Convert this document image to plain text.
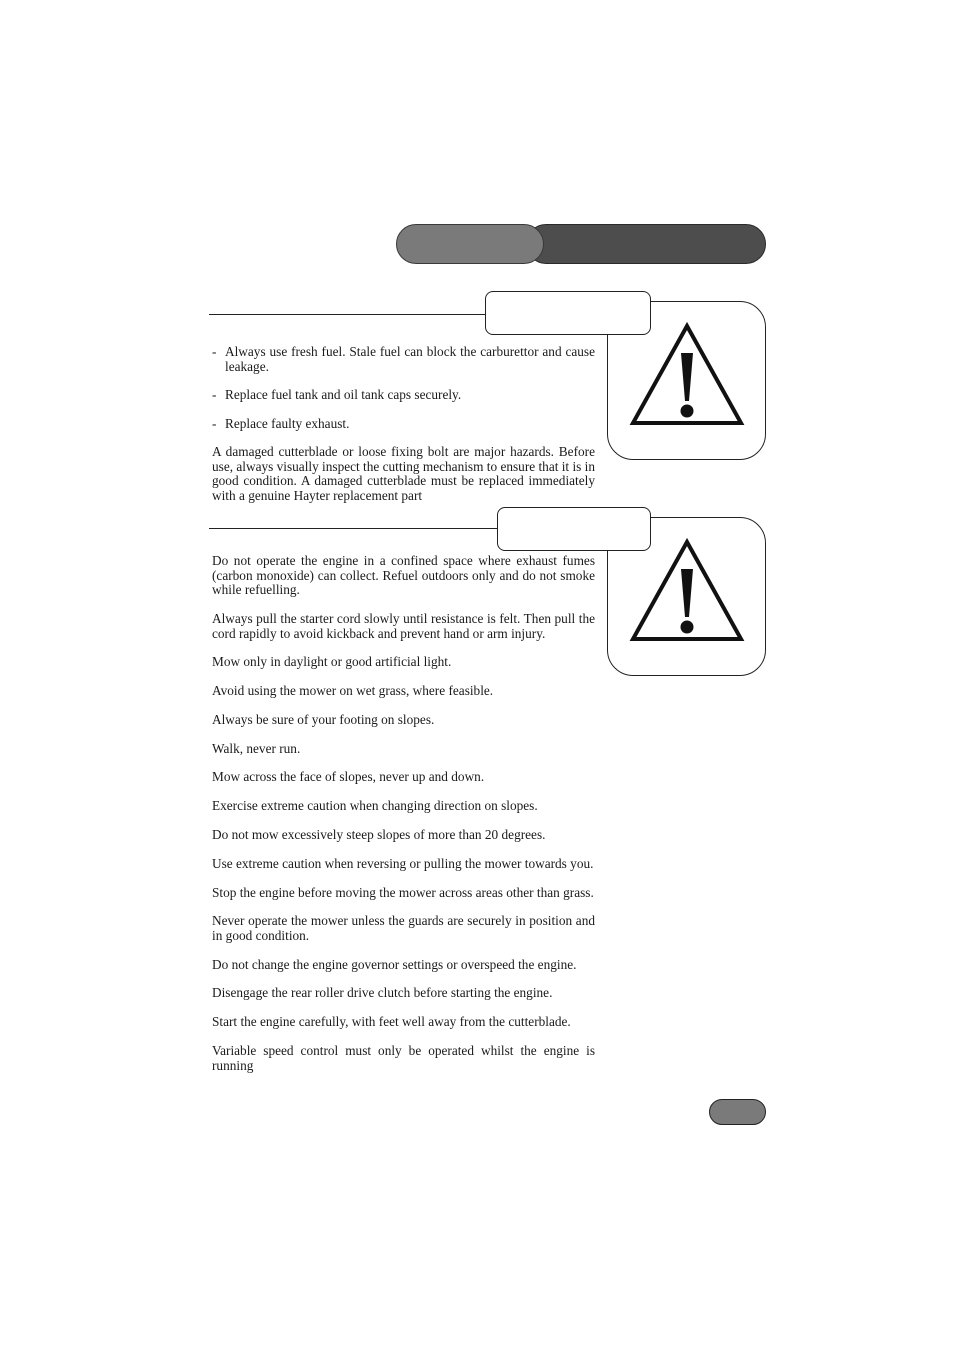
- Always use fresh fuel. Stale fuel can block the carburettor and cause leakage.
- Replace fuel tank and oil tank caps securely.
- Replace faulty exhaust.
A damaged cutterblade or loose fixing bolt are major hazards. Before use, always visually inspect the cutting mechanism to ensure that it is in good condition. A damaged cutterblade must be replaced immediately with a genuine Hayter replacement part
Do not operate the engine in a confined space where exhaust fumes (carbon monoxide) can collect. Refuel outdoors only and do not smoke while refuelling.
Always pull the starter cord slowly until resistance is felt. Then pull the cord rapidly to avoid kickback and prevent hand or arm injury.
Mow only in daylight or good artificial light.
Avoid using the mower on wet grass, where feasible.
Always be sure of your footing on slopes.
Walk, never run.
Mow across the face of slopes, never up and down.
Exercise extreme caution when changing direction on slopes.
Do not mow excessively steep slopes of more than 20 degrees.
Use extreme caution when reversing or pulling the mower towards you.
Stop the engine before moving the mower across areas other than grass.
Never operate the mower unless the guards are securely in position and in good condition.
Do not change the engine governor settings or overspeed the engine.
Disengage the rear roller drive clutch before starting the engine.
Start the engine carefully, with feet well away from the cutterblade.
Variable speed control must only be operated whilst the engine is running
